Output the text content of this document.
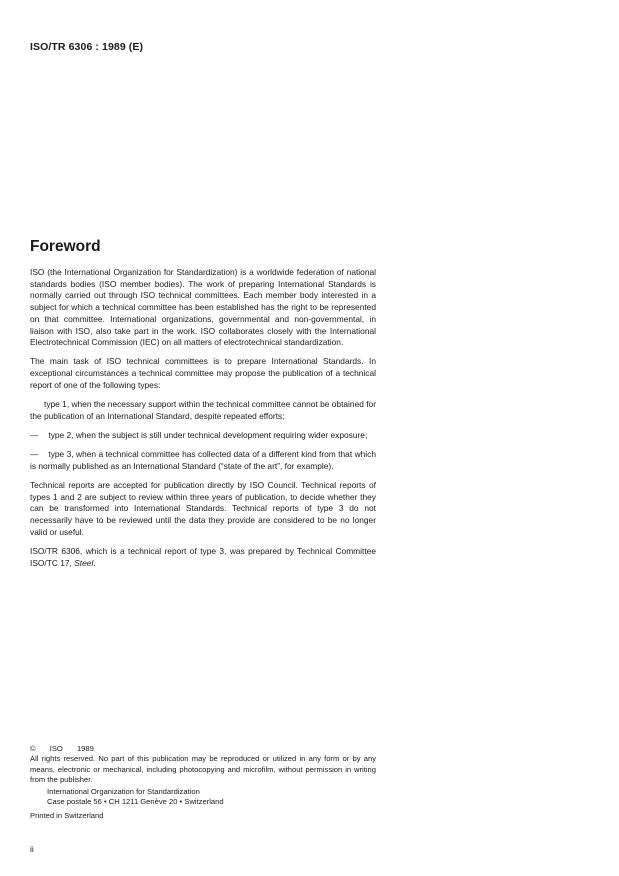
ISO/TR 6306 : 1989 (E)
Foreword

ISO (the International Organization for Standardization) is a worldwide federation of national standards bodies (ISO member bodies). The work of preparing International Standards is normally carried out through ISO technical committees. Each member body interested in a subject for which a technical committee has been established has the right to be represented on that committee. International organizations, governmental and non-governmental, in liaison with ISO, also take part in the work. ISO collaborates closely with the International Electrotechnical Commission (IEC) on all matters of electrotechnical standardization.

The main task of ISO technical committees is to prepare International Standards. In exceptional circumstances a technical committee may propose the publication of a technical report of one of the following types:

type 1, when the necessary support within the technical committee cannot be obtained for the publication of an International Standard, despite repeated efforts;

— type 2, when the subject is still under technical development requiring wider exposure;

— type 3, when a technical committee has collected data of a different kind from that which is normally published as an International Standard (“state of the art”, for example).

Technical reports are accepted for publication directly by ISO Council. Technical reports of types 1 and 2 are subject to review within three years of publication, to decide whether they can be transformed into International Standards. Technical reports of type 3 do not necessarily have to be reviewed until the data they provide are considered to be no longer valid or useful.

ISO/TR 6306, which is a technical report of type 3, was prepared by Technical Committee ISO/TC 17, Steel.

© ISO 1989

All rights reserved. No part of this publication may be reproduced or utilized in any form or by any means, electronic or mechanical, including photocopying and microfilm, without permission in writing from the publisher.

International Organization for Standardization

Case postale 56 • CH 1211 Genève 20 • Switzerland

Printed in Switzerland

ii
